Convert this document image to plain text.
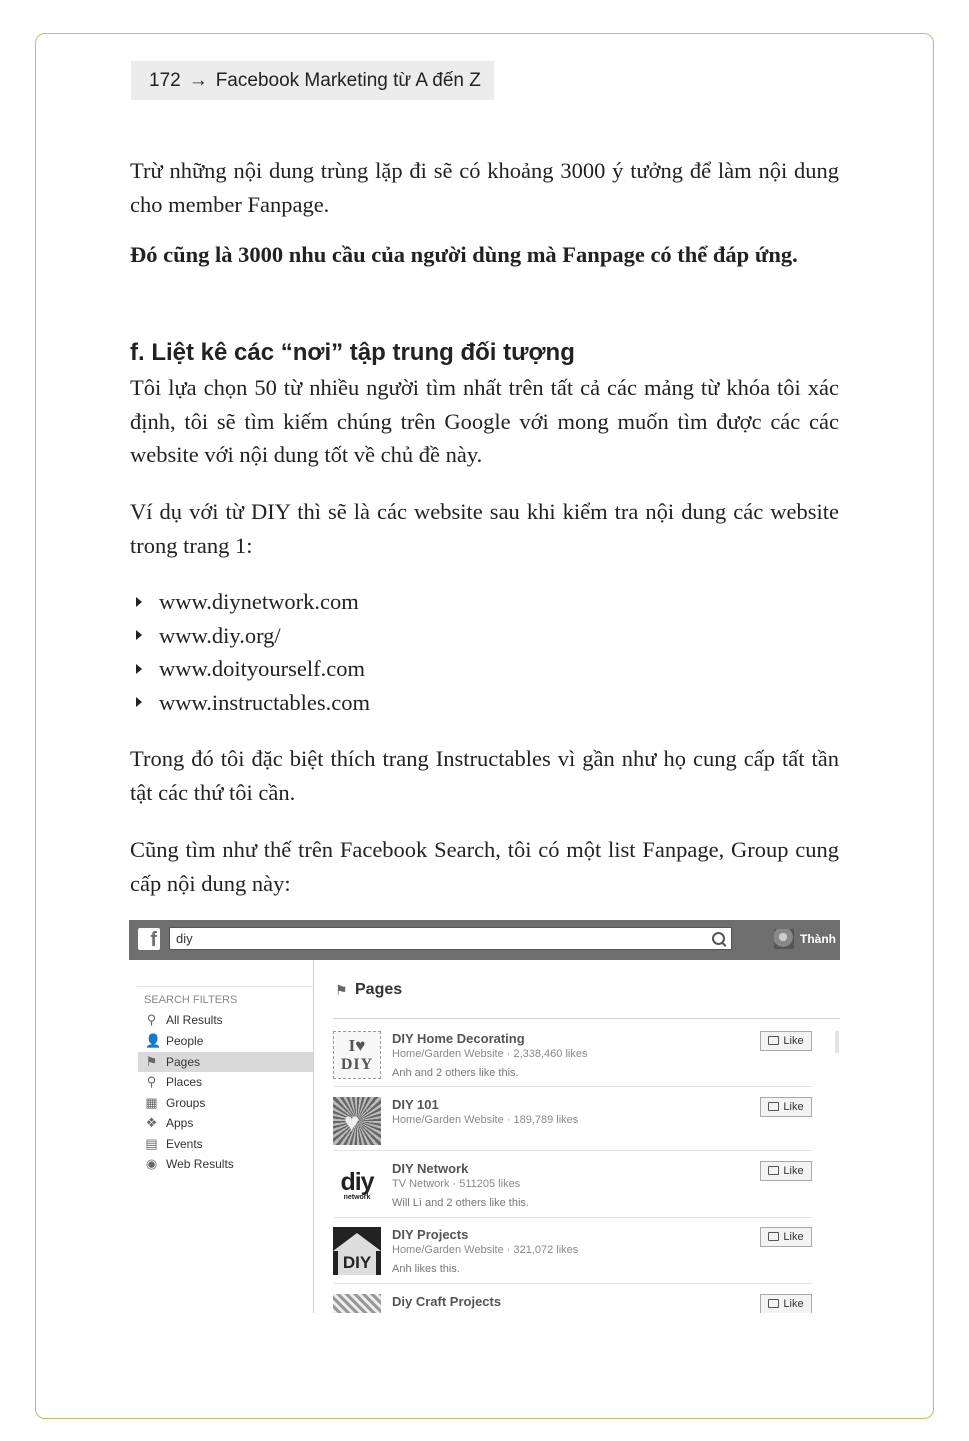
172 → Facebook Marketing từ A đến Z

Trừ những nội dung trùng lặp đi sẽ có khoảng 3000 ý tưởng để làm nội dung cho member Fanpage.

Đó cũng là 3000 nhu cầu của người dùng mà Fanpage có thể đáp ứng.

f. Liệt kê các “nơi” tập trung đối tượng

Tôi lựa chọn 50 từ nhiều người tìm nhất trên tất cả các mảng từ khóa tôi xác định, tôi sẽ tìm kiếm chúng trên Google với mong muốn tìm được các các website với nội dung tốt về chủ đề này.

Ví dụ với từ DIY thì sẽ là các website sau khi kiểm tra nội dung các website trong trang 1:

www.diynetwork.com
www.diy.org/
www.doityourself.com
www.instructables.com

Trong đó tôi đặc biệt thích trang Instructables vì gần như họ cung cấp tất tần tật các thứ tôi cần.

Cũng tìm như thế trên Facebook Search, tôi có một list Fanpage, Group cung cấp nội dung này:

f diy	Thành
SEARCH FILTERS
⚲ All Results
👤 People
⚑ Pages
⚲ Places
▦ Groups
❖ Apps
▤ Events
◉ Web Results
⚑ Pages
I♥
DIY
DIY Home Decorating
Home/Garden Website · 2,338,460 likes
Anh and 2 others like this.
Like
♥
DIY 101
Home/Garden Website · 189,789 likes
Like
diy
network
DIY Network
TV Network · 511205 likes
Will Lì and 2 others like this.
Like
DIY
DIY Projects
Home/Garden Website · 321,072 likes
Anh likes this.
Like
Diy Craft Projects	Like
